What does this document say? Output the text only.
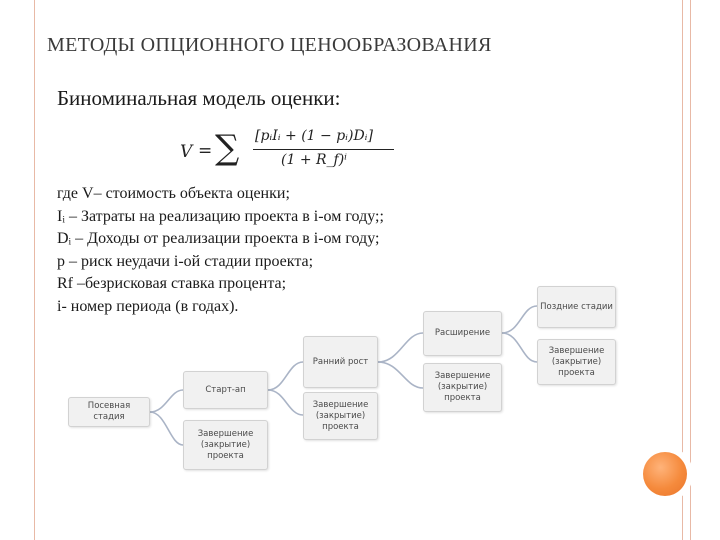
МЕТОДЫ ОПЦИОННОГО ЦЕНООБРАЗОВАНИЯ
Биноминальная модель оценки:
V = ∑ [pᵢIᵢ + (1 − pᵢ)Dᵢ]
(1 + R_f)ⁱ
где V– стоимость объекта оценки;
Iᵢ – Затраты на реализацию проекта в i-ом году;;
Dᵢ – Доходы от реализации проекта в i-ом году;
р – риск неудачи i-ой стадии проекта;
Rf –безрисковая ставка процента;
i- номер периода (в годах).
Посевная стадия
Старт-ап
Завершение (закрытие) проекта
Ранний рост
Завершение (закрытие) проекта
Расширение
Завершение (закрытие) проекта
Поздние стадии
Завершение (закрытие) проекта
